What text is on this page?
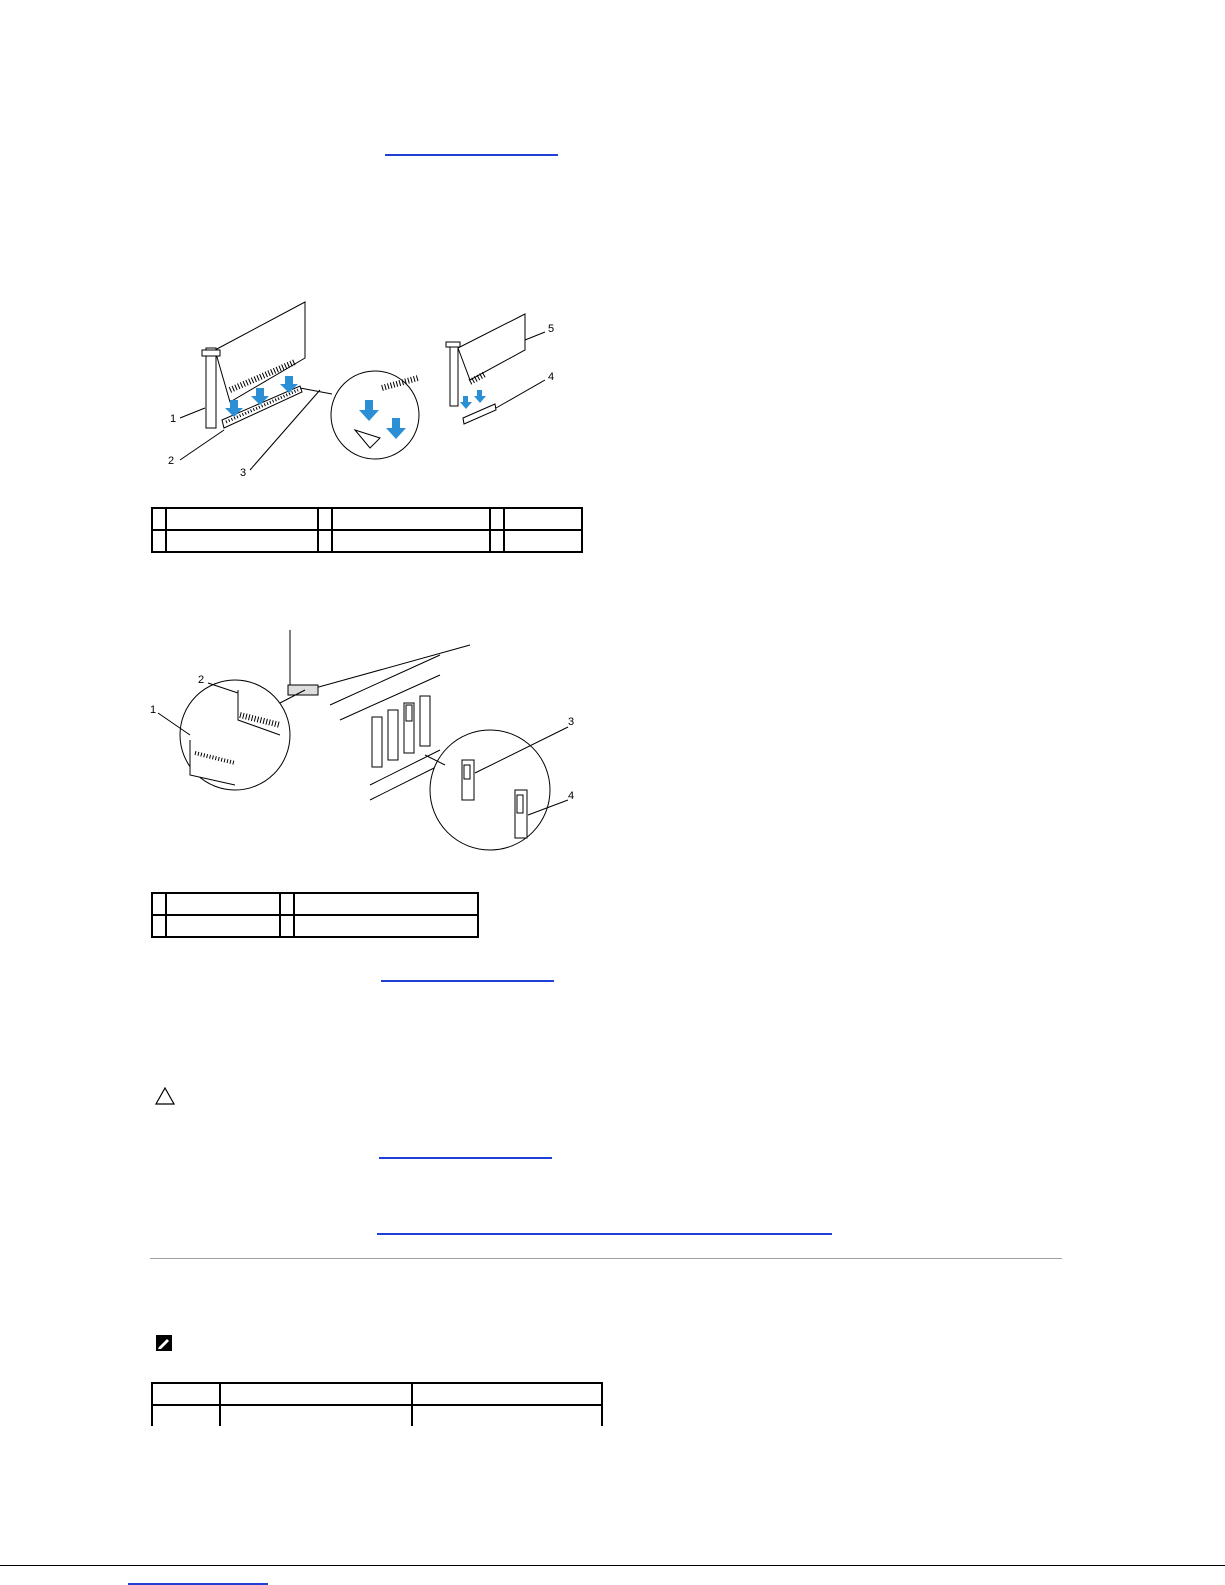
1
2
3
4
5

1
2
3
4
